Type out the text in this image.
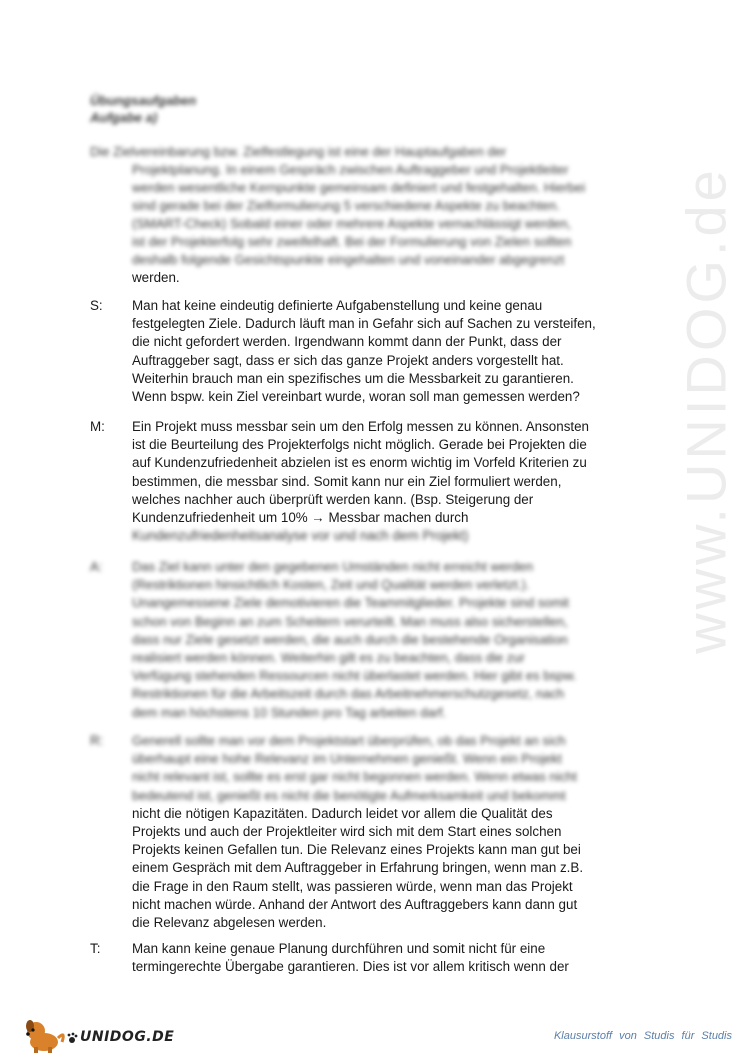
www.UNIDOG.de
Übungsaufgaben
Aufgabe a)
Die Zielvereinbarung bzw. Zielfestlegung ist eine der Hauptaufgaben der
Projektplanung. In einem Gespräch zwischen Auftraggeber und Projektleiter
werden wesentliche Kernpunkte gemeinsam definiert und festgehalten. Hierbei
sind gerade bei der Zielformulierung 5 verschiedene Aspekte zu beachten.
(SMART-Check) Sobald einer oder mehrere Aspekte vernachlässigt werden,
ist der Projekterfolg sehr zweifelhaft. Bei der Formulierung von Zielen sollten
deshalb folgende Gesichtspunkte eingehalten und voneinander abgegrenzt
werden.
S:	Man hat keine eindeutig definierte Aufgabenstellung und keine genau
festgelegten Ziele. Dadurch läuft man in Gefahr sich auf Sachen zu versteifen,
die nicht gefordert werden. Irgendwann kommt dann der Punkt, dass der
Auftraggeber sagt, dass er sich das ganze Projekt anders vorgestellt hat.
Weiterhin brauch man ein spezifisches um die Messbarkeit zu garantieren.
Wenn bspw. kein Ziel vereinbart wurde, woran soll man gemessen werden?
M:	Ein Projekt muss messbar sein um den Erfolg messen zu können. Ansonsten
ist die Beurteilung des Projekterfolgs nicht möglich. Gerade bei Projekten die
auf Kundenzufriedenheit abzielen ist es enorm wichtig im Vorfeld Kriterien zu
bestimmen, die messbar sind. Somit kann nur ein Ziel formuliert werden,
welches nachher auch überprüft werden kann. (Bsp. Steigerung der
Kundenzufriedenheit um 10% → Messbar machen durch
Kundenzufriedenheitsanalyse vor und nach dem Projekt)
A:	Das Ziel kann unter den gegebenen Umständen nicht erreicht werden
(Restriktionen hinsichtlich Kosten, Zeit und Qualität werden verletzt.).
Unangemessene Ziele demotivieren die Teammitglieder. Projekte sind somit
schon von Beginn an zum Scheitern verurteilt. Man muss also sicherstellen,
dass nur Ziele gesetzt werden, die auch durch die bestehende Organisation
realisiert werden können. Weiterhin gilt es zu beachten, dass die zur
Verfügung stehenden Ressourcen nicht überlastet werden. Hier gibt es bspw.
Restriktionen für die Arbeitszeit durch das Arbeitnehmerschutzgesetz, nach
dem man höchstens 10 Stunden pro Tag arbeiten darf.
R:	Generell sollte man vor dem Projektstart überprüfen, ob das Projekt an sich
überhaupt eine hohe Relevanz im Unternehmen genießt. Wenn ein Projekt
nicht relevant ist, sollte es erst gar nicht begonnen werden. Wenn etwas nicht
bedeutend ist, genießt es nicht die benötigte Aufmerksamkeit und bekommt
nicht die nötigen Kapazitäten. Dadurch leidet vor allem die Qualität des
Projekts und auch der Projektleiter wird sich mit dem Start eines solchen
Projekts keinen Gefallen tun. Die Relevanz eines Projekts kann man gut bei
einem Gespräch mit dem Auftraggeber in Erfahrung bringen, wenn man z.B.
die Frage in den Raum stellt, was passieren würde, wenn man das Projekt
nicht machen würde. Anhand der Antwort des Auftraggebers kann dann gut
die Relevanz abgelesen werden.
T:	Man kann keine genaue Planung durchführen und somit nicht für eine
termingerechte Übergabe garantieren. Dies ist vor allem kritisch wenn der
UNIDOG.DE	Klausurstoff von Studis für Studis
